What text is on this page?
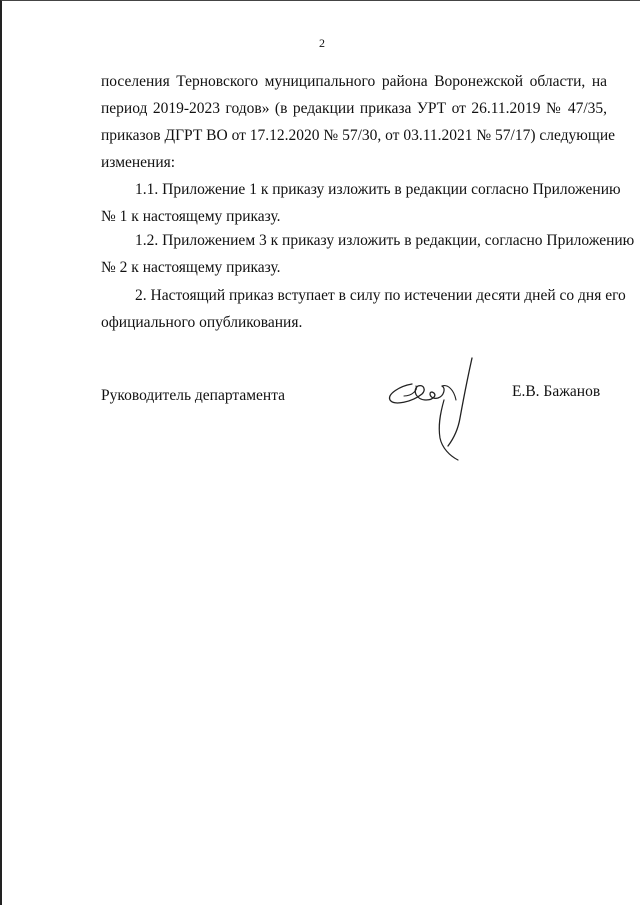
2
поселения Терновского муниципального района Воронежской области, на
период 2019-2023 годов» (в редакции приказа УРТ от 26.11.2019 № 47/35,
приказов ДГРТ ВО от 17.12.2020 № 57/30, от 03.11.2021 № 57/17) следующие
изменения:
1.1. Приложение 1 к приказу изложить в редакции согласно Приложению
№ 1 к настоящему приказу.
1.2. Приложением 3 к приказу изложить в редакции, согласно Приложению
№ 2 к настоящему приказу.
2. Настоящий приказ вступает в силу по истечении десяти дней со дня его
официального опубликования.
Руководитель департамента	Е.В. Бажанов
